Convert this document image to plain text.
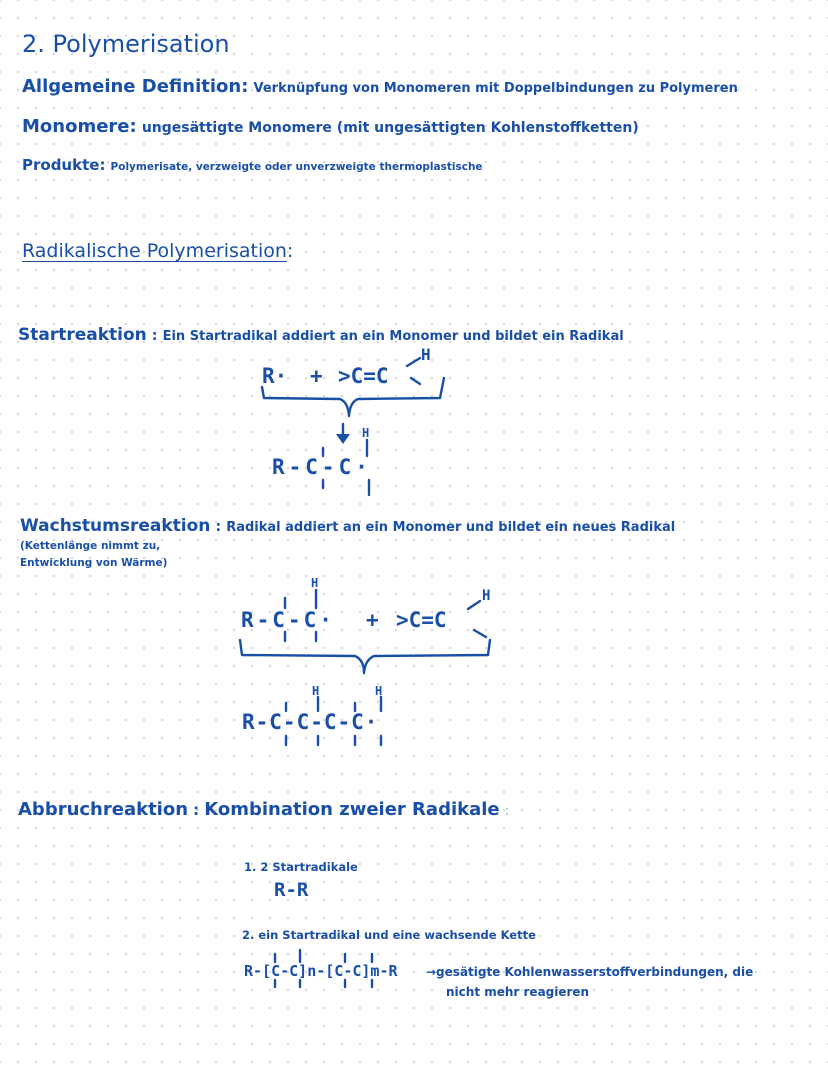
2. Polymerisation
Allgemeine Definition: Verknüpfung von Monomeren mit Doppelbindungen zu Polymeren
Monomere: ungesättigte Monomere (mit ungesättigten Kohlenstoffketten)
Produkte: Polymerisate, verzweigte oder unverzweigte thermoplastische
Radikalische Polymerisation:
Startreaktion : Ein Startradikal addiert an ein Monomer und bildet ein Radikal
R· + >C=C
H
H
R-C-C·
Wachstumsreaktion : Radikal addiert an ein Monomer und bildet ein neues Radikal
(Kettenlänge nimmt zu,
Entwicklung von Wärme)
H
R-C-C· + >C=C
H
H	H
R-C-C-C-C·
Abbruchreaktion : Kombination zweier Radikale :
1. 2 Startradikale
R-R
2. ein Startradikal und eine wachsende Kette
R-[C-C]n-[C-C]m-R →gesätigte Kohlenwasserstoffverbindungen, die
nicht mehr reagieren
